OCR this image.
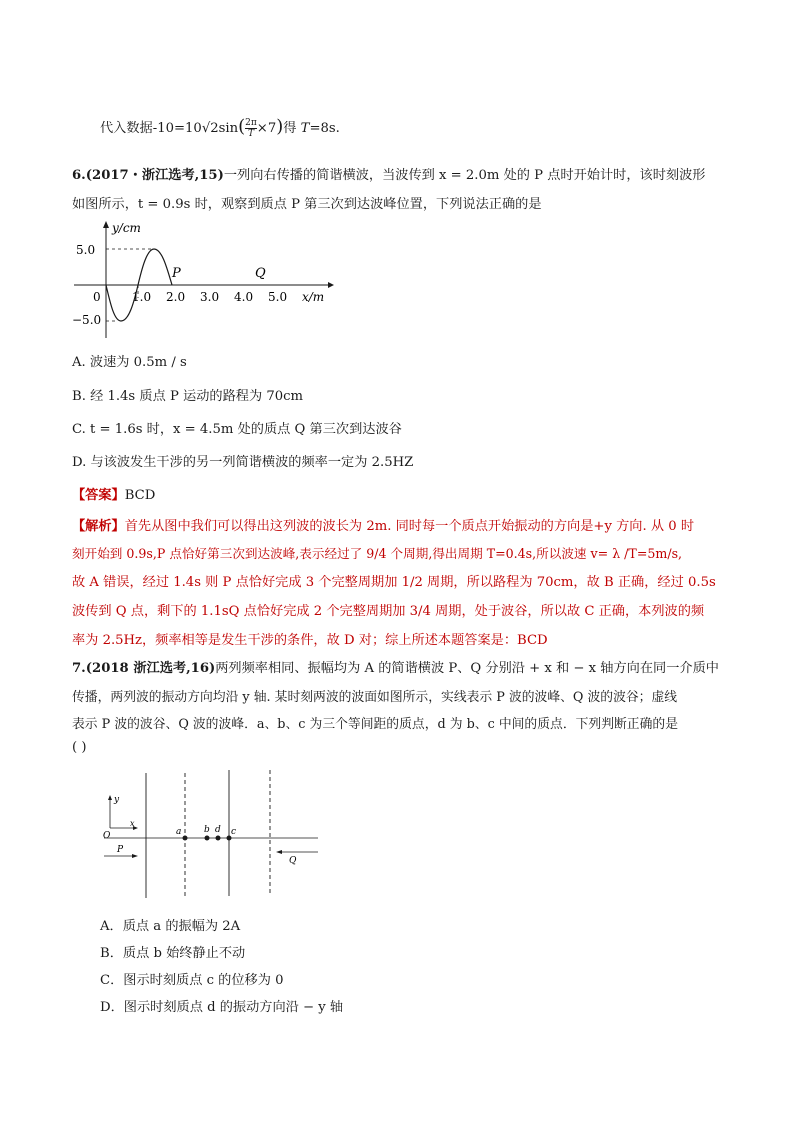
代入数据$-10=10√2\sin( \frac{2\pi}{T} \times 7)$得 T=8s.
6.(2017・浙江选考,15)一列向右传播的简谐横波，当波传到 x = 2.0m 处的 P 点时开始计时，该时刻波形
如图所示，t = 0.9s 时，观察到质点 P 第三次到达波峰位置，下列说法正确的是
y/cm
5.0
−5.0
0	1.0 2.0 3.0 4.0 5.0 x/m
P	Q
A. 波速为 0.5m / s
B. 经 1.4s 质点 P 运动的路程为 70cm
C. t = 1.6s 时，x = 4.5m 处的质点 Q 第三次到达波谷
D. 与该波发生干涉的另一列简谐横波的频率一定为 2.5HZ
【答案】BCD
【解析】首先从图中我们可以得出这列波的波长为 2m. 同时每一个质点开始振动的方向是+y 方向. 从 0 时
刻开始到 0.9s,P 点恰好第三次到达波峰,表示经过了 9/4 个周期,得出周期 T=0.4s,所以波速 v= λ /T=5m/s,
故 A 错误，经过 1.4s 则 P 点恰好完成 3 个完整周期加 1/2 周期，所以路程为 70cm，故 B 正确，经过 0.5s
波传到 Q 点，剩下的 1.1sQ 点恰好完成 2 个完整周期加 3/4 周期，处于波谷，所以故 C 正确，本列波的频
率为 2.5Hz，频率相等是发生干涉的条件，故 D 对；综上所述本题答案是：BCD
7.(2018 浙江选考,16)两列频率相同、振幅均为 A 的简谐横波 P、Q 分别沿 + x 和 − x 轴方向在同一介质中
传播，两列波的振动方向均沿 y 轴. 某时刻两波的波面如图所示，实线表示 P 波的波峰、Q 波的波谷；虚线
表示 P 波的波谷、Q 波的波峰．a、b、c 为三个等间距的质点，d 为 b、c 中间的质点．下列判断正确的是
( )
y
x
O	a	b d c
P
Q
A．质点 a 的振幅为 2A
B．质点 b 始终静止不动
C．图示时刻质点 c 的位移为 0
D．图示时刻质点 d 的振动方向沿 − y 轴
